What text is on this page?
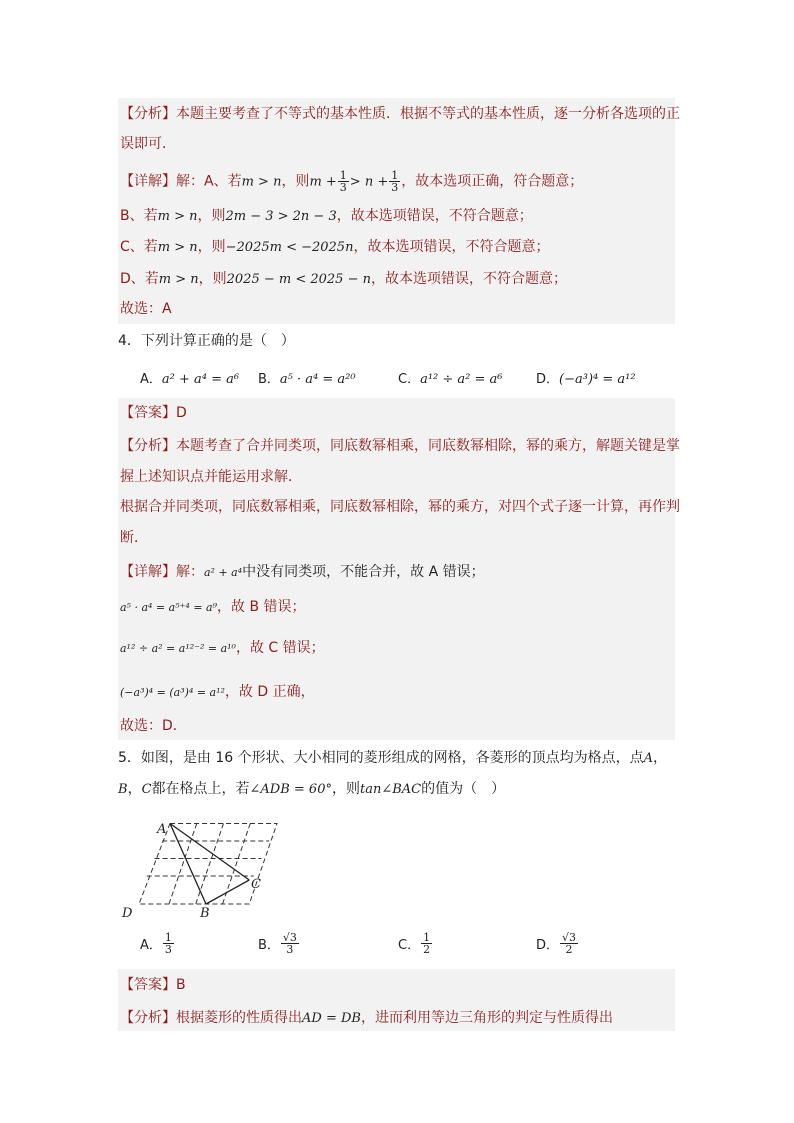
【分析】本题主要考查了不等式的基本性质．根据不等式的基本性质，逐一分析各选项的正
误即可．
【详解】解：A、若m > n，则$m + \frac{1}{3} > n + \frac{1}{3}$ ，故本选项正确，符合题意；
B、若m > n，则2m − 3 > 2n − 3，故本选项错误，不符合题意；
C、若m > n，则−2025m < −2025n，故本选项错误，不符合题意；
D、若m > n，则2025 − m < 2025 − n，故本选项错误，不符合题意；
故选：A
4．下列计算正确的是（　）
A．a² + a⁴ = a⁶ B．a⁵ · a⁴ = a²⁰	C．a¹² ÷ a² = a⁶	D．(−a³)⁴ = a¹²
【答案】D
【分析】本题考查了合并同类项，同底数幂相乘，同底数幂相除，幂的乘方，解题关键是掌
握上述知识点并能运用求解．
根据合并同类项，同底数幂相乘，同底数幂相除，幂的乘方，对四个式子逐一计算，再作判
断．
【详解】解：a² + a⁴中没有同类项，不能合并，故 A 错误；
a⁵ · a⁴ = a⁵⁺⁴ = a⁹，故 B 错误；
a¹² ÷ a² = a¹²⁻² = a¹⁰，故 C 错误；
(−a³)⁴ = (a³)⁴ = a¹²，故 D 正确，
故选：D．
5．如图，是由 16 个形状、大小相同的菱形组成的网格，各菱形的顶点均为格点，点A，
B，C都在格点上，若∠ADB = 60°，则tan∠BAC的值为（　）
A
B
C
D
A． $\frac{1}{3}$	B． $\frac{√3}{3}$	C． $\frac{1}{2}$	D． $\frac{√3}{2}$
【答案】B
【分析】根据菱形的性质得出AD = DB，进而利用等边三角形的判定与性质得出
